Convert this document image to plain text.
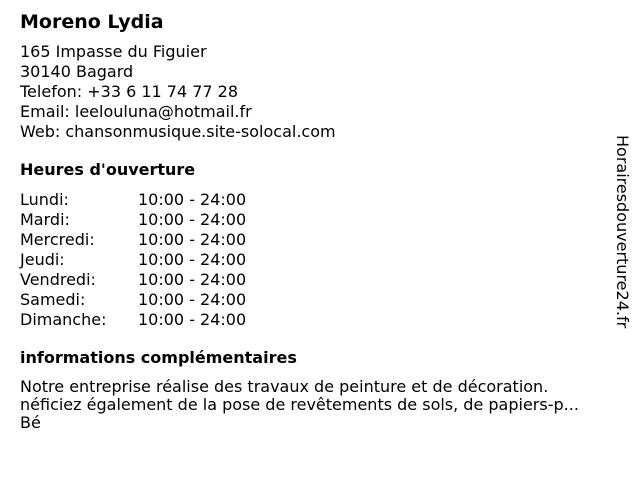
Moreno Lydia
165 Impasse du Figuier
30140 Bagard
Telefon: +33 6 11 74 77 28
Email: leelouluna@hotmail.fr
Web: chansonmusique.site-solocal.com
Heures d'ouverture
Lundi:	10:00 - 24:00
Mardi:	10:00 - 24:00
Mercredi:	10:00 - 24:00
Jeudi:	10:00 - 24:00
Vendredi:	10:00 - 24:00
Samedi:	10:00 - 24:00
Dimanche:	10:00 - 24:00
informations complémentaires
Notre entreprise réalise des travaux de peinture et de décoration.
néficiez également de la pose de revêtements de sols, de papiers-p...
Bé
Horairesdouverture24.fr
